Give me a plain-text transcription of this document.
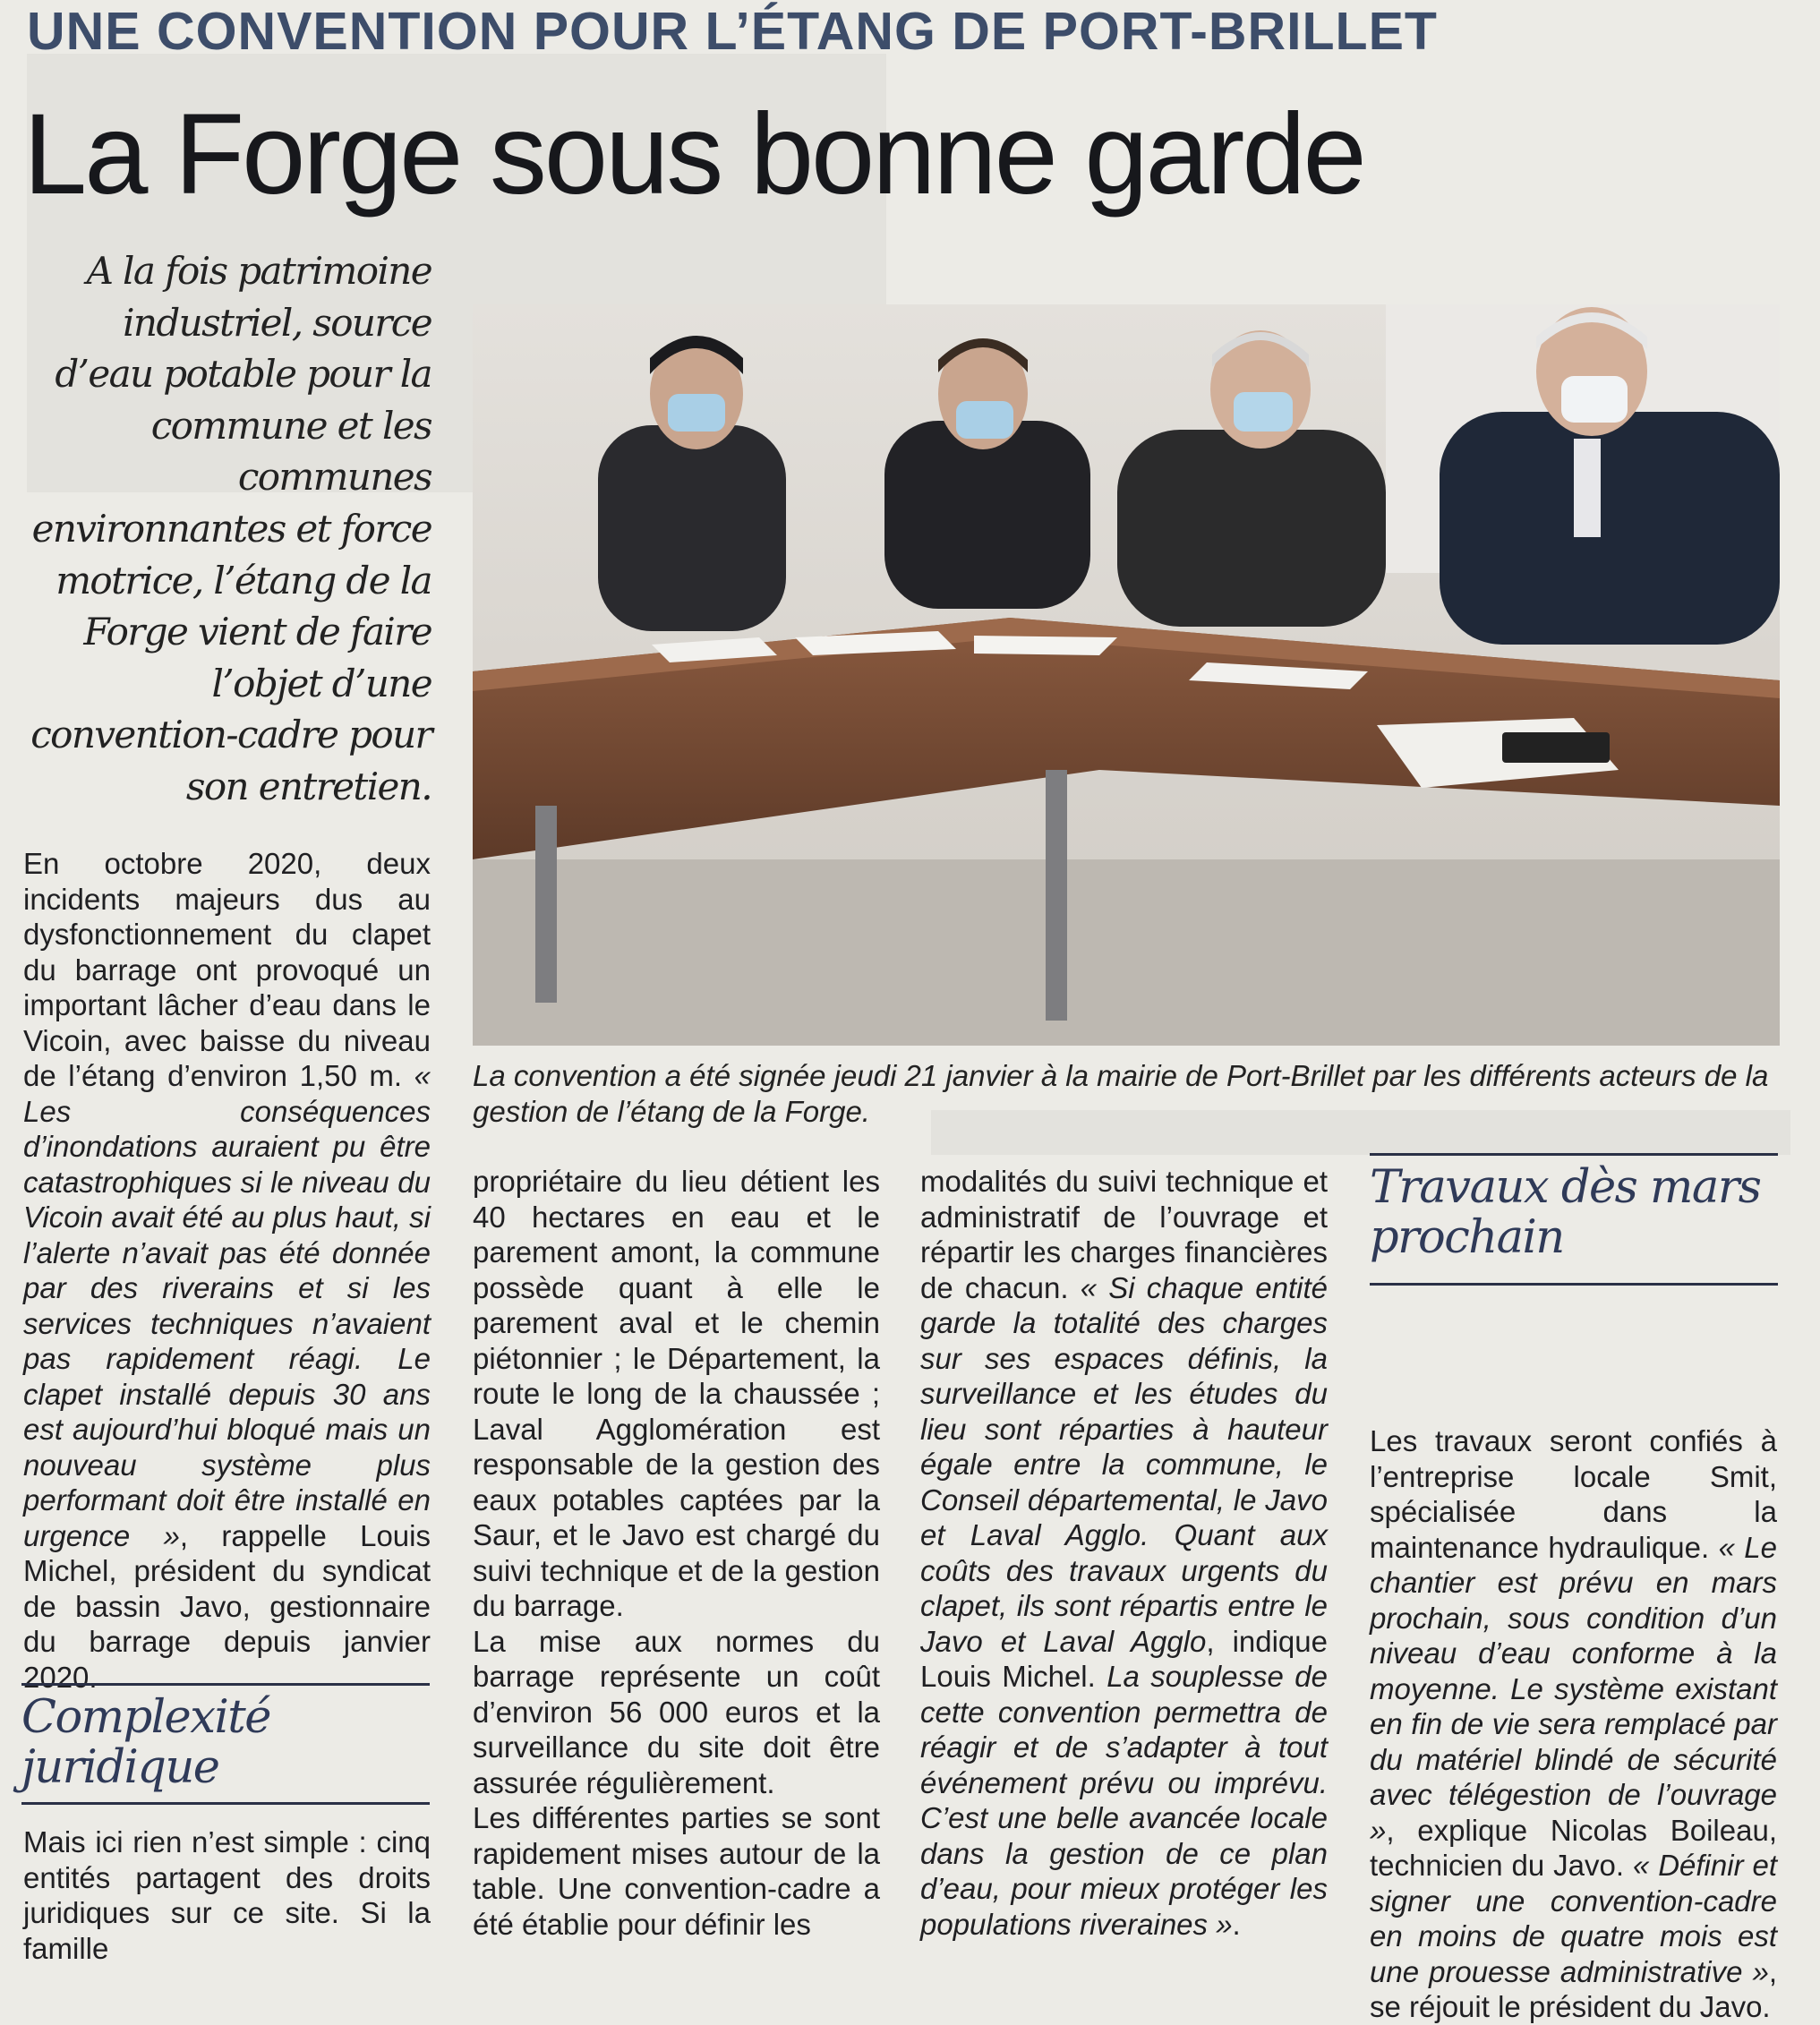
UNE CONVENTION POUR L’ÉTANG DE PORT-BRILLET
La Forge sous bonne garde
A la fois patrimoine industriel, source d’eau potable pour la commune et les communes environnantes et force motrice, l’étang de la Forge vient de faire l’objet d’une convention-cadre pour son entretien.

En octobre 2020, deux incidents majeurs dus au dysfonctionnement du clapet du barrage ont provoqué un important lâcher d’eau dans le Vicoin, avec baisse du niveau de l’étang d’environ 1,50 m. « Les conséquences d’inondations auraient pu être catastrophiques si le niveau du Vicoin avait été au plus haut, si l’alerte n’avait pas été donnée par des riverains et si les services techniques n’avaient pas rapidement réagi. Le clapet installé depuis 30 ans est aujourd’hui bloqué mais un nouveau système plus performant doit être installé en urgence », rappelle Louis Michel, président du syndicat de bassin Javo, gestionnaire du barrage depuis janvier 2020.

Complexité juridique

Mais ici rien n’est simple : cinq entités partagent des droits juridiques sur ce site. Si la famille

La convention a été signée jeudi 21 janvier à la mairie de Port-Brillet par les différents acteurs de la gestion de l’étang de la Forge.

propriétaire du lieu détient les 40 hectares en eau et le parement amont, la commune possède quant à elle le parement aval et le chemin piétonnier ; le Département, la route le long de la chaussée ; Laval Agglomération est responsable de la gestion des eaux potables captées par la Saur, et le Javo est chargé du suivi technique et de la gestion du barrage.

La mise aux normes du barrage représente un coût d’environ 56 000 euros et la surveillance du site doit être assurée régulièrement.

Les différentes parties se sont rapidement mises autour de la table. Une convention-cadre a été établie pour définir les

modalités du suivi technique et administratif de l’ouvrage et répartir les charges financières de chacun. « Si chaque entité garde la totalité des charges sur ses espaces définis, la surveillance et les études du lieu sont réparties à hauteur égale entre la commune, le Conseil départemental, le Javo et Laval Agglo. Quant aux coûts des travaux urgents du clapet, ils sont répartis entre le Javo et Laval Agglo, indique Louis Michel. La souplesse de cette convention permettra de réagir et de s’adapter à tout événement prévu ou imprévu. C’est une belle avancée locale dans la gestion de ce plan d’eau, pour mieux protéger les populations riveraines ».

Travaux dès mars prochain

Les travaux seront confiés à l’entreprise locale Smit, spécialisée dans la maintenance hydraulique. « Le chantier est prévu en mars prochain, sous condition d’un niveau d’eau conforme à la moyenne. Le système existant en fin de vie sera remplacé par du matériel blindé de sécurité avec télégestion de l’ouvrage », explique Nicolas Boileau, technicien du Javo. « Définir et signer une convention-cadre en moins de quatre mois est une prouesse administrative », se réjouit le président du Javo.
